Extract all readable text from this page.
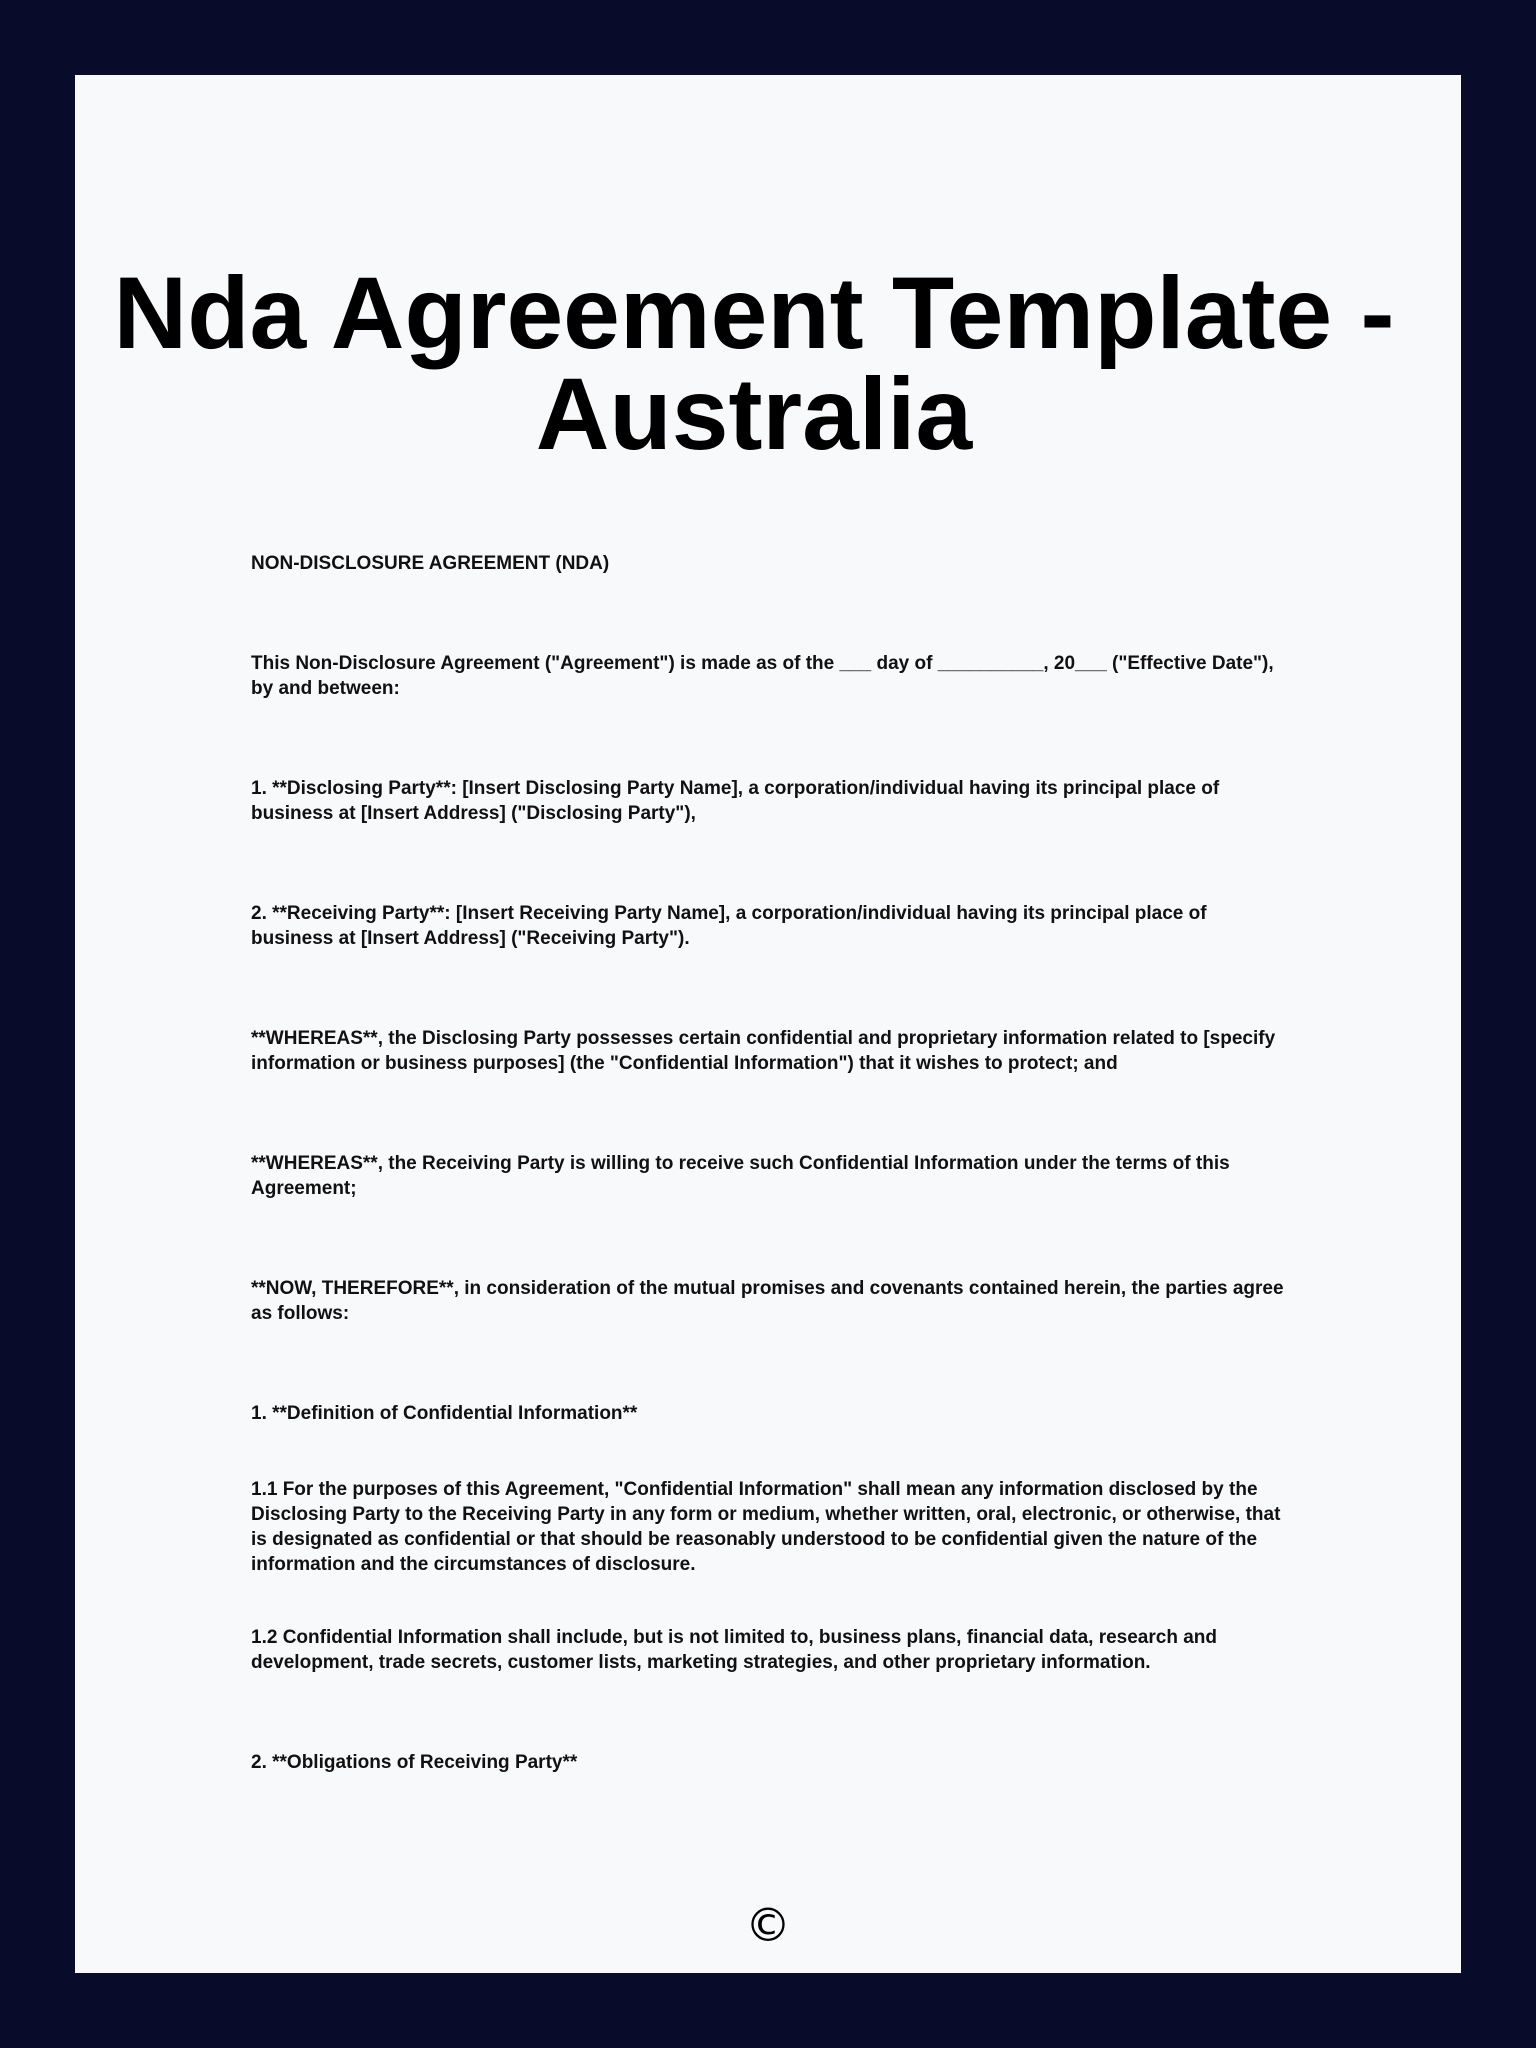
Nda Agreement Template - Australia

NON-DISCLOSURE AGREEMENT (NDA)

This Non-Disclosure Agreement ("Agreement") is made as of the ___ day of __________, 20___ ("Effective Date"), by and between:

1. **Disclosing Party**: [Insert Disclosing Party Name], a corporation/individual having its principal place of business at [Insert Address] ("Disclosing Party"),

2. **Receiving Party**: [Insert Receiving Party Name], a corporation/individual having its principal place of business at [Insert Address] ("Receiving Party").

**WHEREAS**, the Disclosing Party possesses certain confidential and proprietary information related to [specify information or business purposes] (the "Confidential Information") that it wishes to protect; and

**WHEREAS**, the Receiving Party is willing to receive such Confidential Information under the terms of this Agreement;

**NOW, THEREFORE**, in consideration of the mutual promises and covenants contained herein, the parties agree as follows:

1. **Definition of Confidential Information**

1.1 For the purposes of this Agreement, "Confidential Information" shall mean any information disclosed by the Disclosing Party to the Receiving Party in any form or medium, whether written, oral, electronic, or otherwise, that is designated as confidential or that should be reasonably understood to be confidential given the nature of the information and the circumstances of disclosure.

1.2 Confidential Information shall include, but is not limited to, business plans, financial data, research and development, trade secrets, customer lists, marketing strategies, and other proprietary information.

2. **Obligations of Receiving Party**

©
